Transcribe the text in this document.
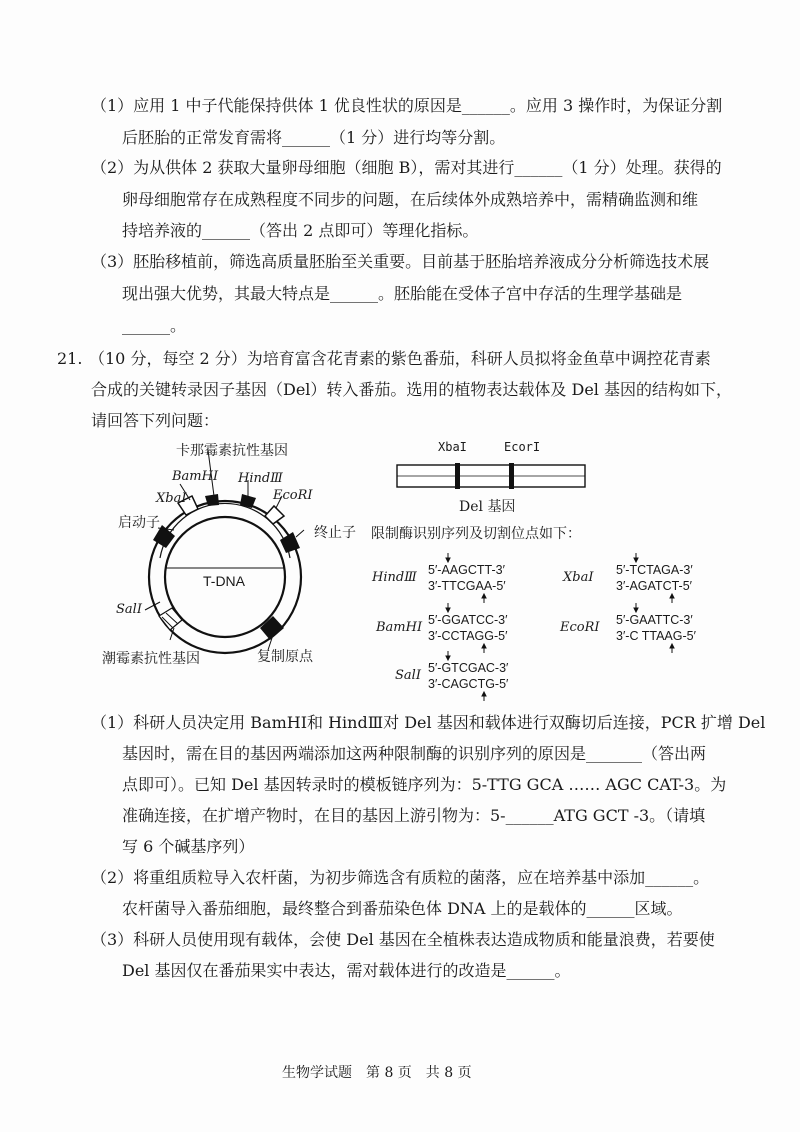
（1）应用 1 中子代能保持供体 1 优良性状的原因是______。应用 3 操作时，为保证分割
后胚胎的正常发育需将______（1 分）进行均等分割。
（2）为从供体 2 获取大量卵母细胞（细胞 B），需对其进行______（1 分）处理。获得的
卵母细胞常存在成熟程度不同步的问题，在后续体外成熟培养中，需精确监测和维
持培养液的______（答出 2 点即可）等理化指标。
（3）胚胎移植前，筛选高质量胚胎至关重要。目前基于胚胎培养液成分分析筛选技术展
现出强大优势，其最大特点是______。胚胎能在受体子宫中存活的生理学基础是
______。
21. （10 分，每空 2 分）为培育富含花青素的紫色番茄，科研人员拟将金鱼草中调控花青素
合成的关键转录因子基因（Del）转入番茄。选用的植物表达载体及 Del 基因的结构如下，
请回答下列问题：
卡那霉素抗性基因
BamHI HindⅢ
XbaI	EcoRI
启动子
终止子
T-DNA
SalI
潮霉素抗性基因	复制原点
XbaI	EcorI
Del 基因
限制酶识别序列及切割位点如下：
HindⅢ 5′-AAGCTT-3′
3′-TTCGAA-5′
XbaI 5′-TCTAGA-3′
3′-AGATCT-5′
BamHI 5′-GGATCC-3′
3′-CCTAGG-5′
EcoRI 5′-GAATTC-3′
3′-C TTAAG-5′
SalI 5′-GTCGAC-3′
3′-CAGCTG-5′
（1）科研人员决定用 BamHI和 HindⅢ对 Del 基因和载体进行双酶切后连接，PCR 扩增 Del
基因时，需在目的基因两端添加这两种限制酶的识别序列的原因是_______（答出两
点即可）。已知 Del 基因转录时的模板链序列为：5-TTG GCA …… AGC CAT-3。为
准确连接，在扩增产物时，在目的基因上游引物为：5-______ATG GCT -3。（请填
写 6 个碱基序列）
（2）将重组质粒导入农杆菌，为初步筛选含有质粒的菌落，应在培养基中添加______。
农杆菌导入番茄细胞，最终整合到番茄染色体 DNA 上的是载体的______区域。
（3）科研人员使用现有载体，会使 Del 基因在全植株表达造成物质和能量浪费，若要使
Del 基因仅在番茄果实中表达，需对载体进行的改造是______。
生物学试题　第 8 页　共 8 页
